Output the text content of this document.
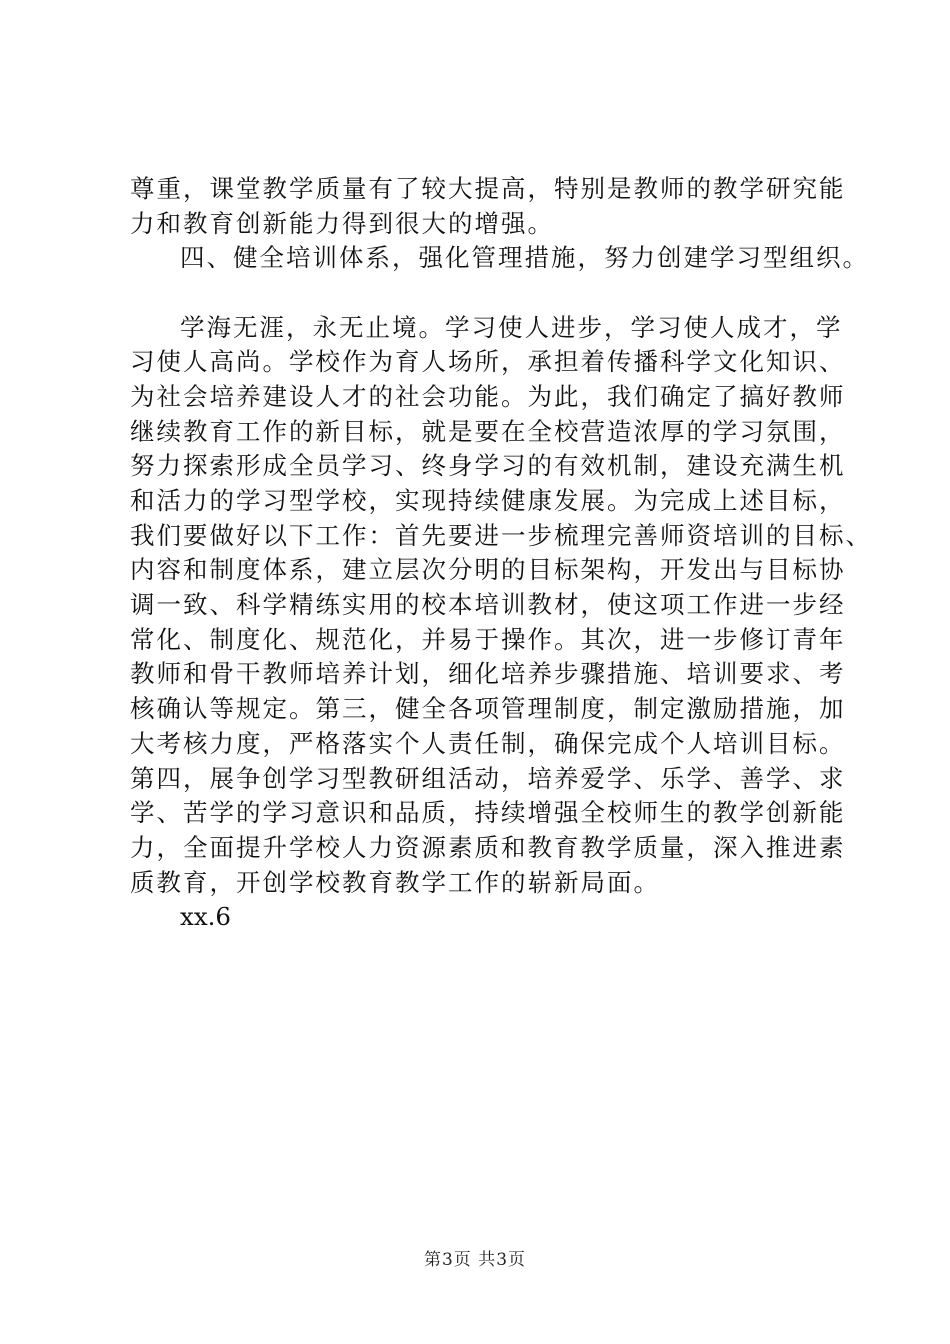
尊重，课堂教学质量有了较大提高，特别是教师的教学研究能
力和教育创新能力得到很大的增强。
四、健全培训体系，强化管理措施，努力创建学习型组织。
学海无涯，永无止境。学习使人进步，学习使人成才，学
习使人高尚。学校作为育人场所，承担着传播科学文化知识、
为社会培养建设人才的社会功能。为此，我们确定了搞好教师
继续教育工作的新目标，就是要在全校营造浓厚的学习氛围，
努力探索形成全员学习、终身学习的有效机制，建设充满生机
和活力的学习型学校，实现持续健康发展。为完成上述目标，
我们要做好以下工作：首先要进一步梳理完善师资培训的目标、
内容和制度体系，建立层次分明的目标架构，开发出与目标协
调一致、科学精练实用的校本培训教材，使这项工作进一步经
常化、制度化、规范化，并易于操作。其次，进一步修订青年
教师和骨干教师培养计划，细化培养步骤措施、培训要求、考
核确认等规定。第三，健全各项管理制度，制定激励措施，加
大考核力度，严格落实个人责任制，确保完成个人培训目标。
第四，展争创学习型教研组活动，培养爱学、乐学、善学、求
学、苦学的学习意识和品质，持续增强全校师生的教学创新能
力，全面提升学校人力资源素质和教育教学质量，深入推进素
质教育，开创学校教育教学工作的崭新局面。
xx.6
第3页 共3页
